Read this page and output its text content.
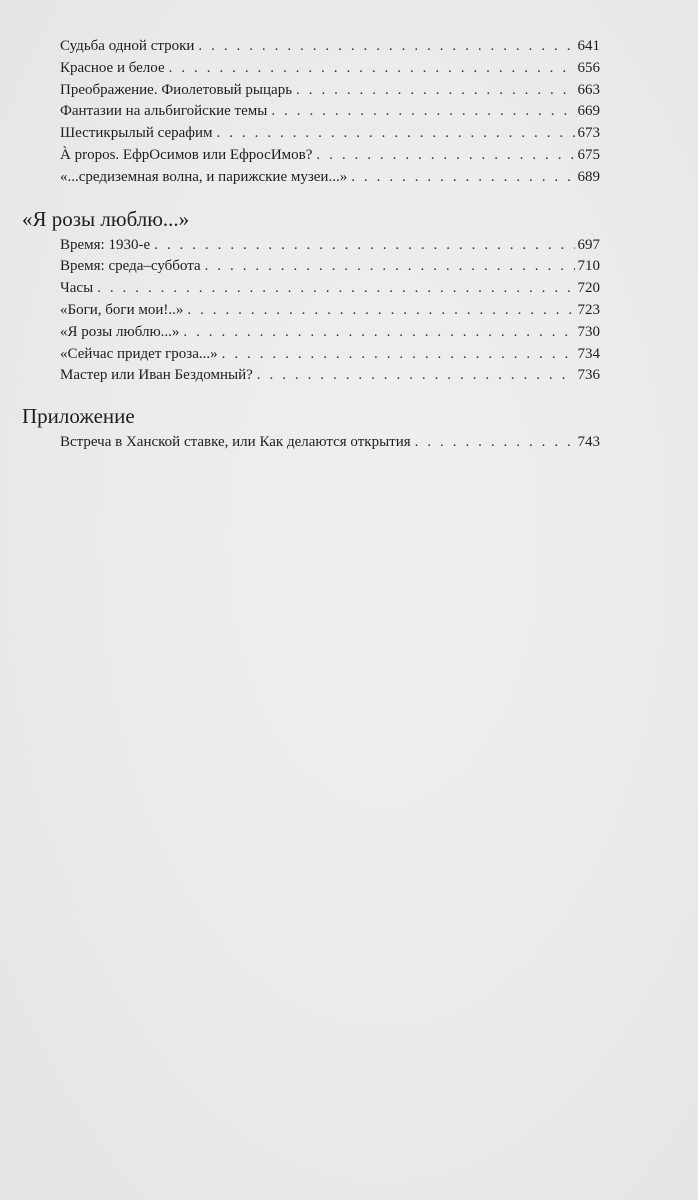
Судьба одной строки . . .	641
Красное и белое . . .	656
Преображение. Фиолетовый рыцарь . . .	663
Фантазии на альбигойские темы . . .	669
Шестикрылый серафим . . .	673
À propos. ЕфрОсимов или ЕфросИмов? . . .	675
«...средиземная волна, и парижские музеи...» . . .	689
«Я розы люблю...»
Время: 1930-е . . .	697
Время: среда–суббота . . .	710
Часы . . .	720
«Боги, боги мои!..» . . .	723
«Я розы люблю...» . . .	730
«Сейчас придет гроза...» . . .	734
Мастер или Иван Бездомный? . . .	736
Приложение
Встреча в Ханской ставке, или Как делаются открытия . . .	743
